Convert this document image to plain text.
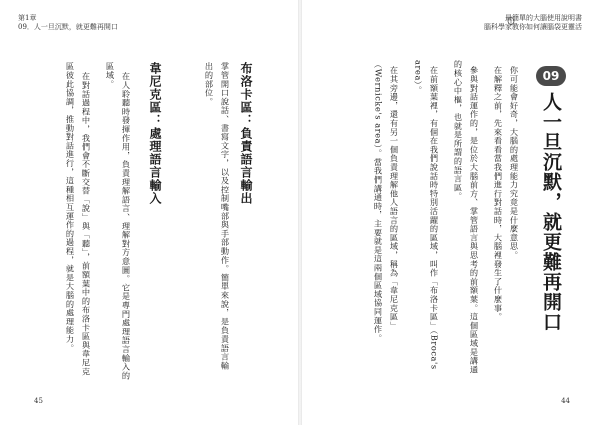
第1章
09．人一旦沉默，就更難再開口
布洛卡區：負責語言輸出
掌管開口說話、書寫文字，以及控制嘴部與手部動作。簡單來說，是負責語言輸
出的部位。
韋尼克區：處理語言輸入
在人聆聽時發揮作用，負責理解語言、理解對方意圖。它是專門處理語言輸入的
區域。
在對話過程中，我們會不斷交替「說」與「聽」，前額葉中的布洛卡區與韋尼克
區彼此協調，推動對話進行，這種相互運作的過程，就是大腦的處理能力。
45
最簡單的大腦使用說明書
腦科學家教你如何讓腦袋更靈活
44
09
人一旦沉默，就更難再開口
你可能會好奇，大腦的處理能力究竟是什麼意思。
在解釋之前，先來看看當我們進行對話時，大腦裡發生了什麼事。
參與對話運作的，是位於大腦前方、掌管語言與思考的前額葉。這個區域是講通
的核心中樞，也就是所謂的語言區。
在前額葉裡，有個在我們說話時特別活躍的區域，叫作「布洛卡區」（Broca's
area）。
在其旁邊，還有另一個負責理解他人語言的區域，稱為「韋尼克區」
（Wernicke's area）。當我們講通時，主要就是這兩個區域協同運作。
